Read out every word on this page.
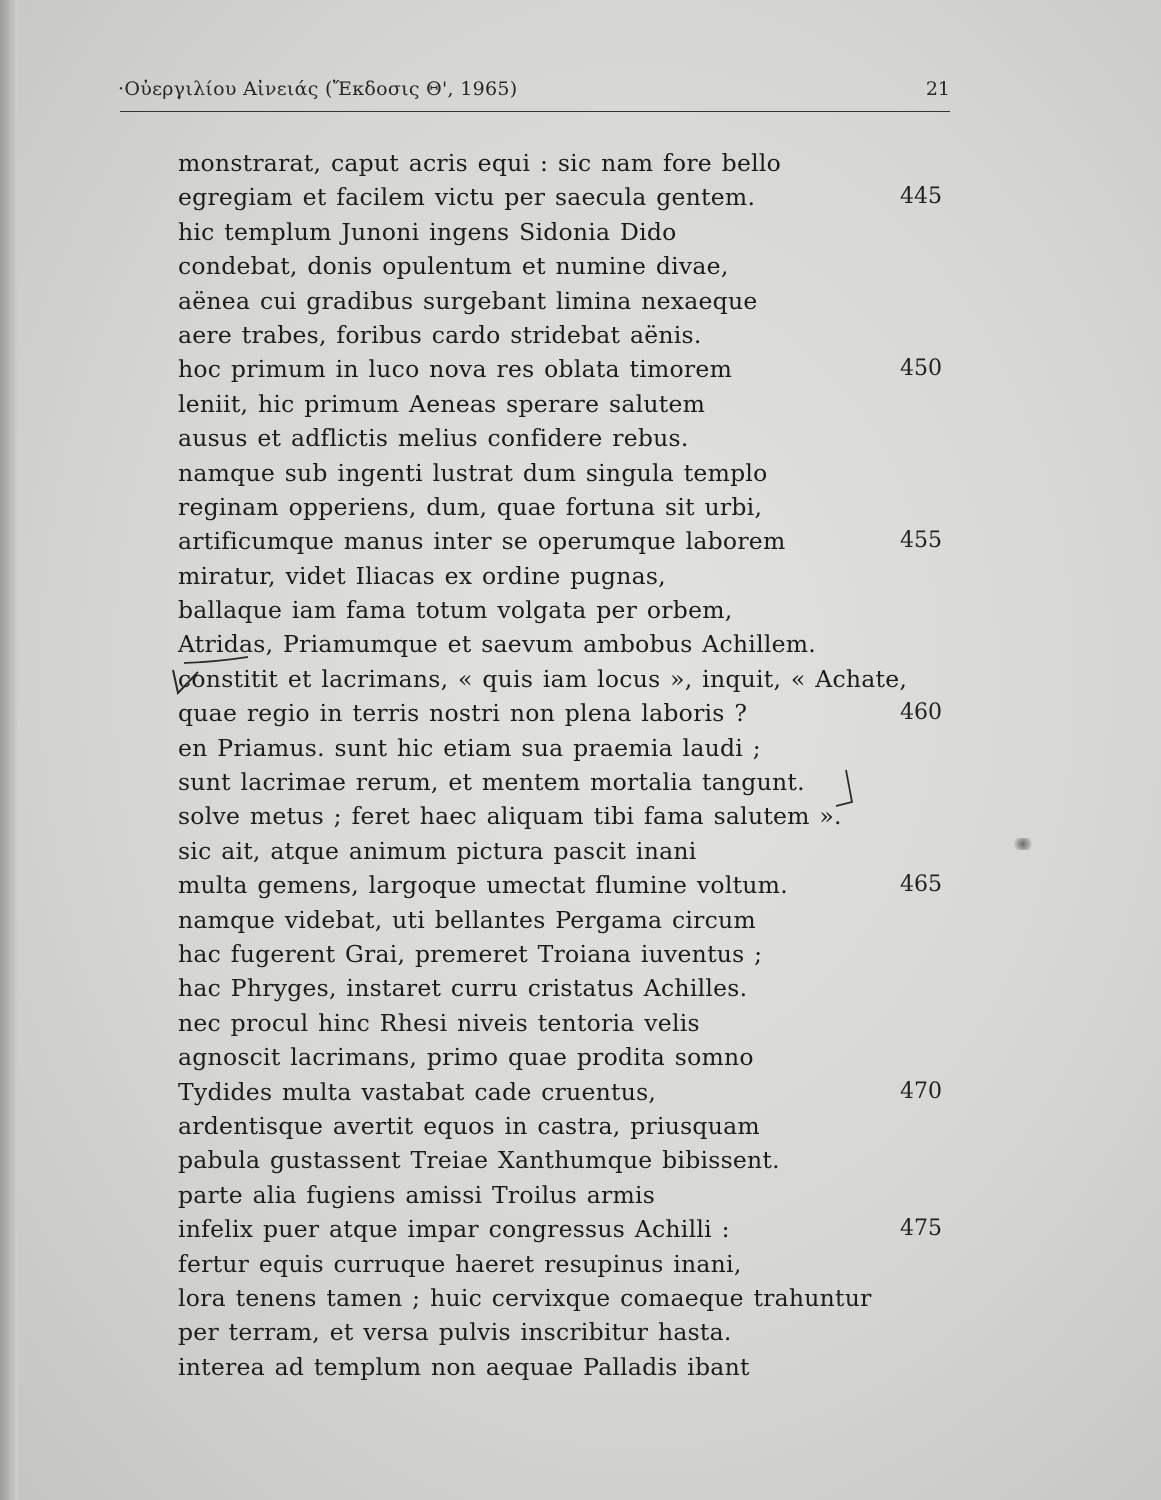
·Οὐεργιλίου Αἰνειάς (Ἔκδοσις Θ', 1965)	21
monstrarat, caput acris equi : sic nam fore bello
egregiam et facilem victu per saecula gentem.	445
hic templum Junoni ingens Sidonia Dido
condebat, donis opulentum et numine divae,
aënea cui gradibus surgebant limina nexaeque
aere trabes, foribus cardo stridebat aënis.
hoc primum in luco nova res oblata timorem	450
leniit, hic primum Aeneas sperare salutem
ausus et adflictis melius confidere rebus.
namque sub ingenti lustrat dum singula templo
reginam opperiens, dum, quae fortuna sit urbi,
artificumque manus inter se operumque laborem	455
miratur, videt Iliacas ex ordine pugnas,
ballaque iam fama totum volgata per orbem,
Atridas, Priamumque et saevum ambobus Achillem.
constitit et lacrimans, « quis iam locus », inquit, « Achate,
quae regio in terris nostri non plena laboris ?	460
en Priamus. sunt hic etiam sua praemia laudi ;
sunt lacrimae rerum, et mentem mortalia tangunt.
solve metus ; feret haec aliquam tibi fama salutem ».
sic ait, atque animum pictura pascit inani
multa gemens, largoque umectat flumine voltum.	465
namque videbat, uti bellantes Pergama circum
hac fugerent Grai, premeret Troiana iuventus ;
hac Phryges, instaret curru cristatus Achilles.
nec procul hinc Rhesi niveis tentoria velis
agnoscit lacrimans, primo quae prodita somno
Tydides multa vastabat cade cruentus,	470
ardentisque avertit equos in castra, priusquam
pabula gustassent Treiae Xanthumque bibissent.
parte alia fugiens amissi Troilus armis
infelix puer atque impar congressus Achilli :	475
fertur equis curruque haeret resupinus inani,
lora tenens tamen ; huic cervixque comaeque trahuntur
per terram, et versa pulvis inscribitur hasta.
interea ad templum non aequae Palladis ibant
